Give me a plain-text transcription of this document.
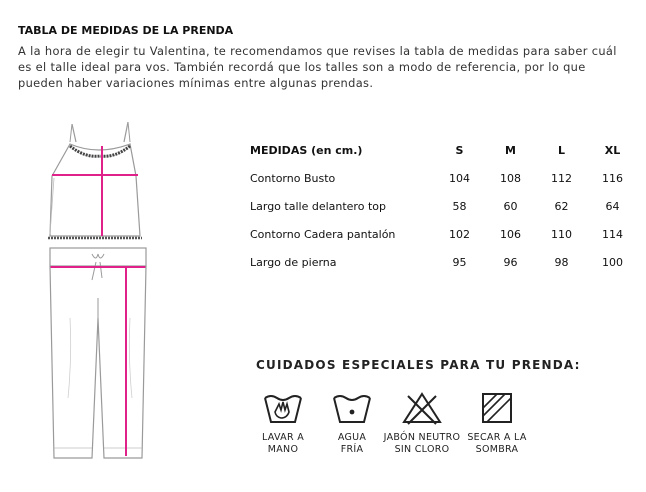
TABLA DE MEDIDAS DE LA PRENDA
A la hora de elegir tu Valentina, te recomendamos que revises la tabla de medidas para saber cuál es el talle ideal para vos. También recordá que los talles son a modo de referencia, por lo que pueden haber variaciones mínimas entre algunas prendas.
MEDIDAS (en cm.)	S	M	L	XL
Contorno Busto	104	108	112	116
Largo talle delantero top	58	60	62	64
Contorno Cadera pantalón	102	106	110	114
Largo de pierna	95	96	98	100
CUIDADOS ESPECIALES PARA TU PRENDA:
LAVAR A
MANO
AGUA
FRÍA
JABÓN NEUTRO
SIN CLORO
SECAR A LA
SOMBRA
